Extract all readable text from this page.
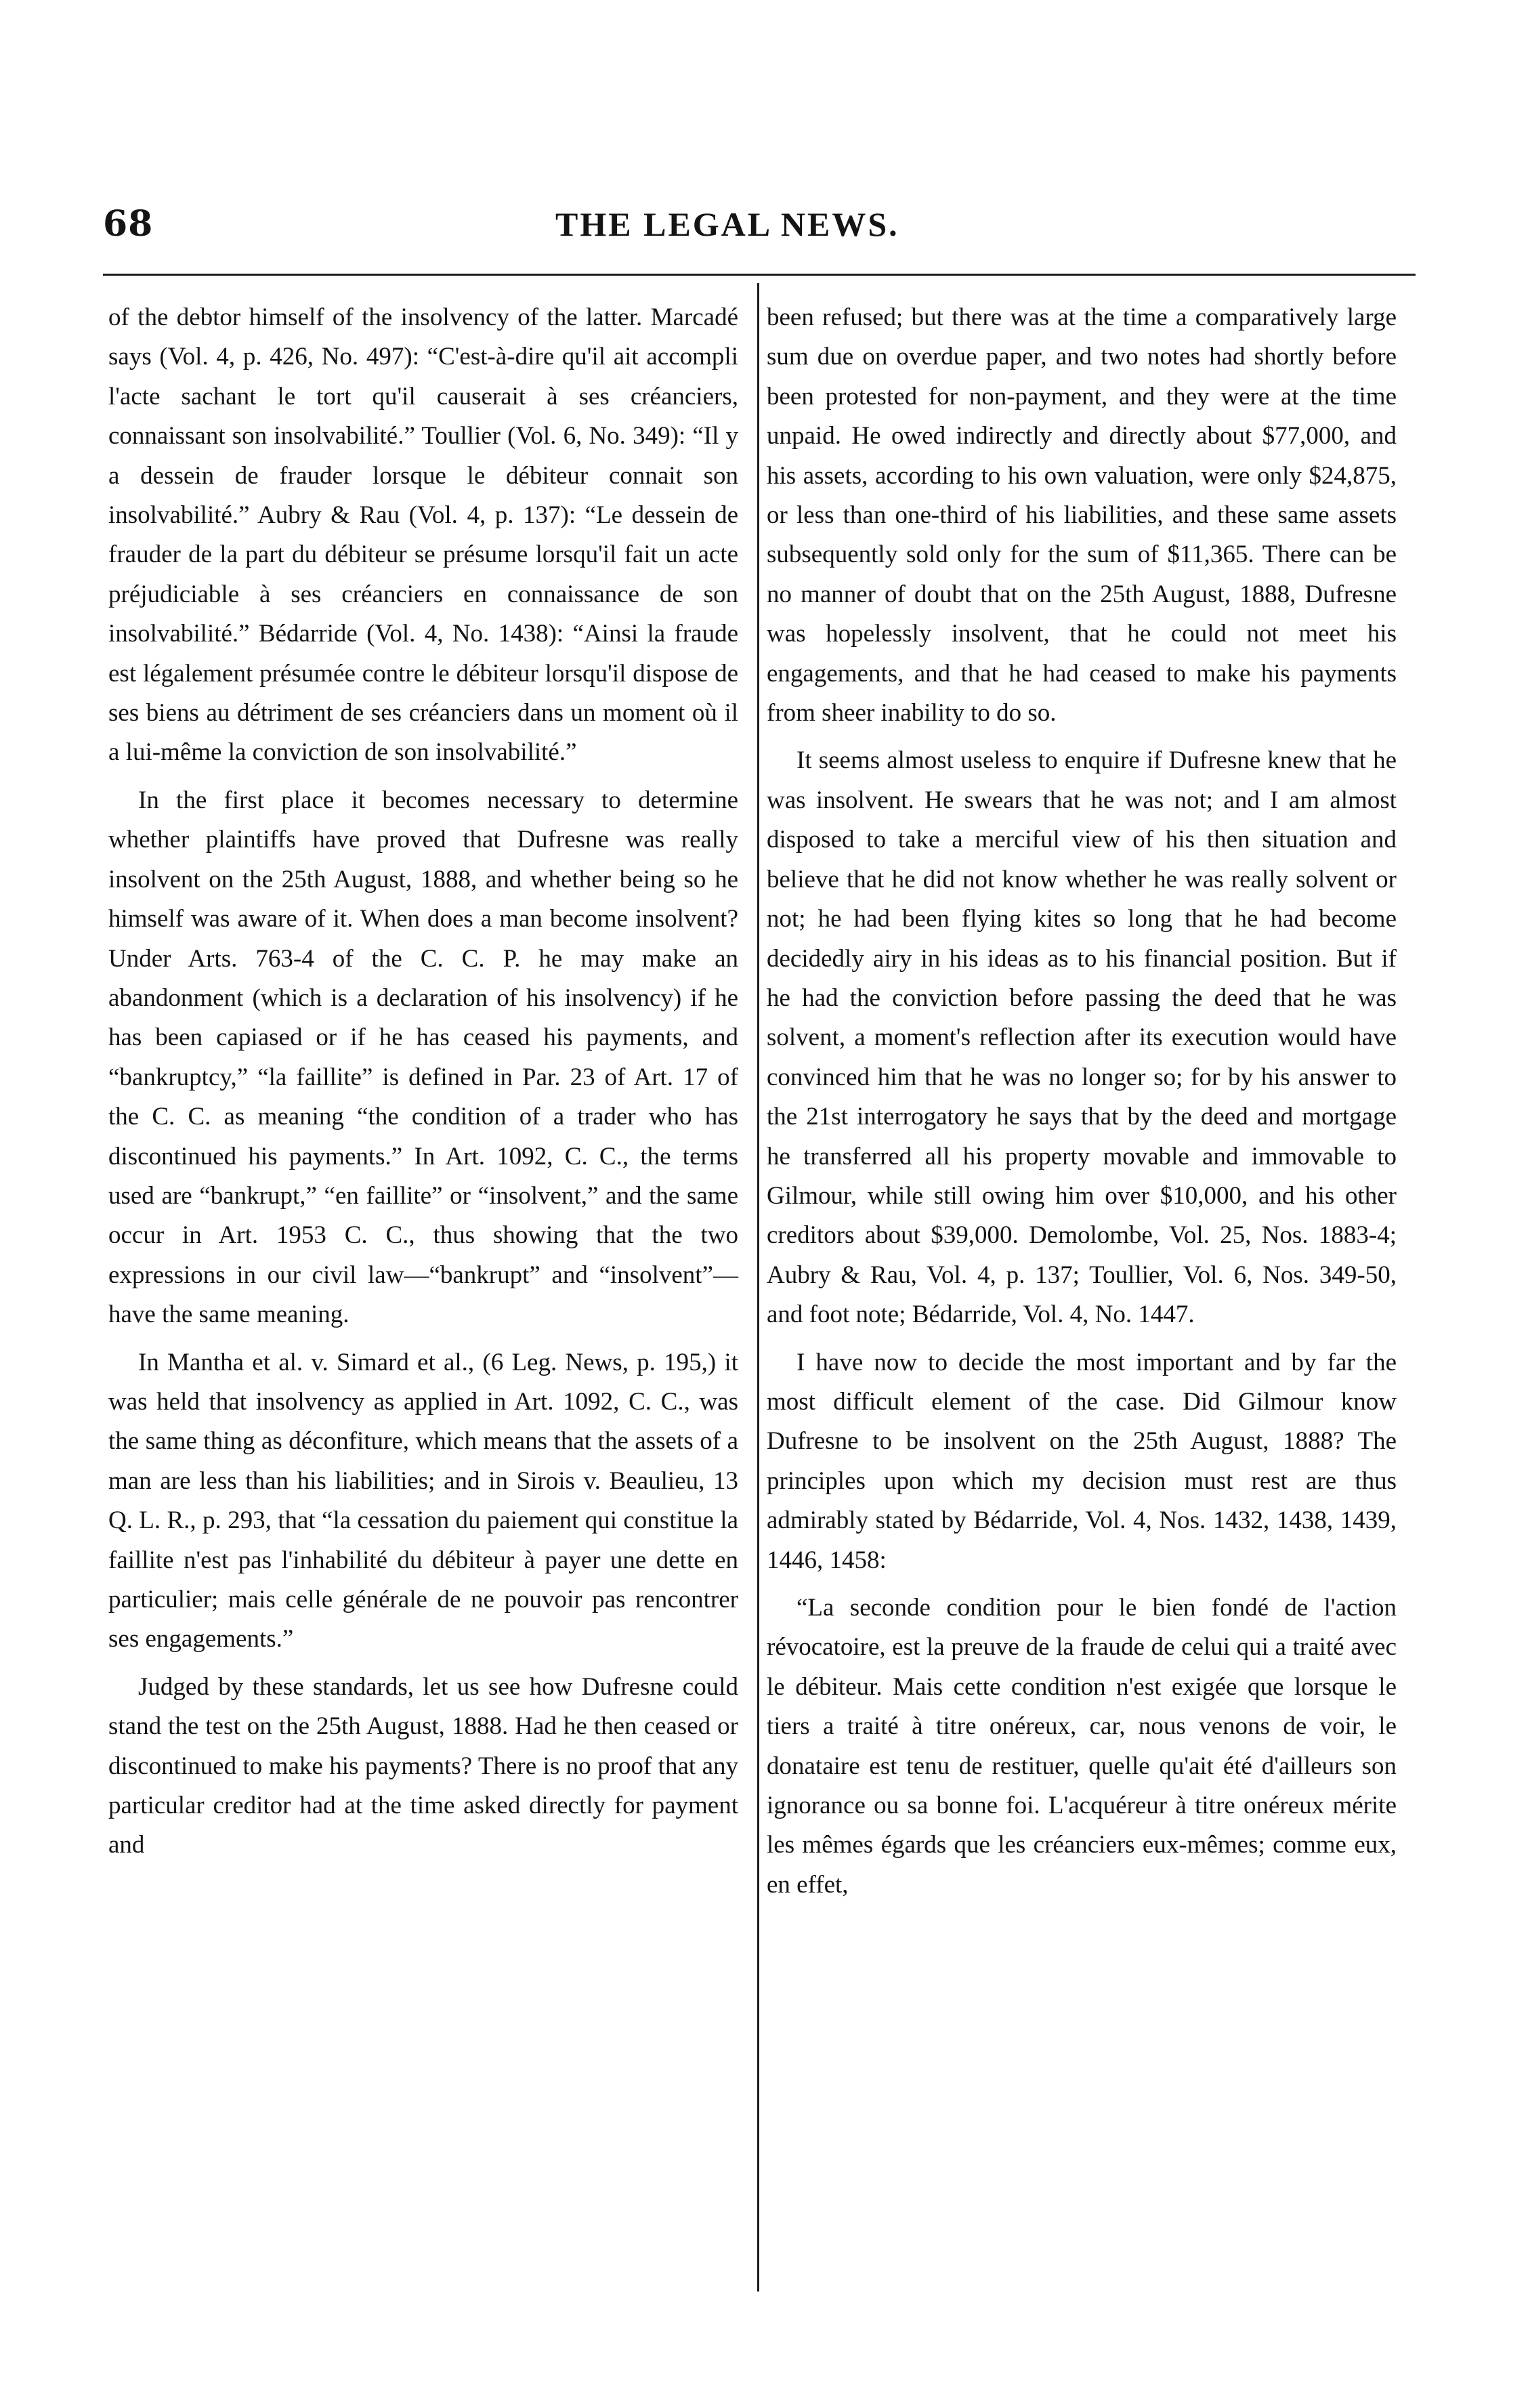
68	THE LEGAL NEWS.

of the debtor himself of the insolvency of the latter. Marcadé says (Vol. 4, p. 426, No. 497): “C'est-à-dire qu'il ait accompli l'acte sachant le tort qu'il causerait à ses créanciers, connaissant son insolvabilité.” Toullier (Vol. 6, No. 349): “Il y a dessein de frauder lorsque le débiteur connait son insolvabilité.” Aubry & Rau (Vol. 4, p. 137): “Le dessein de frauder de la part du débiteur se présume lorsqu'il fait un acte préjudiciable à ses créanciers en connaissance de son insolvabilité.” Bédarride (Vol. 4, No. 1438): “Ainsi la fraude est légalement présumée contre le débiteur lorsqu'il dispose de ses biens au détriment de ses créanciers dans un moment où il a lui-même la conviction de son insolvabilité.”

In the first place it becomes necessary to determine whether plaintiffs have proved that Dufresne was really insolvent on the 25th August, 1888, and whether being so he himself was aware of it. When does a man become insolvent? Under Arts. 763-4 of the C. C. P. he may make an abandonment (which is a declaration of his insolvency) if he has been capiased or if he has ceased his payments, and “bankruptcy,” “la faillite” is defined in Par. 23 of Art. 17 of the C. C. as meaning “the condition of a trader who has discontinued his payments.” In Art. 1092, C. C., the terms used are “bankrupt,” “en faillite” or “insolvent,” and the same occur in Art. 1953 C. C., thus showing that the two expressions in our civil law—“bankrupt” and “insolvent”—have the same meaning.

In Mantha et al. v. Simard et al., (6 Leg. News, p. 195,) it was held that insolvency as applied in Art. 1092, C. C., was the same thing as déconfiture, which means that the assets of a man are less than his liabilities; and in Sirois v. Beaulieu, 13 Q. L. R., p. 293, that “la cessation du paiement qui constitue la faillite n'est pas l'inhabilité du débiteur à payer une dette en particulier; mais celle générale de ne pouvoir pas rencontrer ses engagements.”

Judged by these standards, let us see how Dufresne could stand the test on the 25th August, 1888. Had he then ceased or discontinued to make his payments? There is no proof that any particular creditor had at the time asked directly for payment and

been refused; but there was at the time a comparatively large sum due on overdue paper, and two notes had shortly before been protested for non-payment, and they were at the time unpaid. He owed indirectly and directly about $77,000, and his assets, according to his own valuation, were only $24,875, or less than one-third of his liabilities, and these same assets subsequently sold only for the sum of $11,365. There can be no manner of doubt that on the 25th August, 1888, Dufresne was hopelessly insolvent, that he could not meet his engagements, and that he had ceased to make his payments from sheer inability to do so.

It seems almost useless to enquire if Dufresne knew that he was insolvent. He swears that he was not; and I am almost disposed to take a merciful view of his then situation and believe that he did not know whether he was really solvent or not; he had been flying kites so long that he had become decidedly airy in his ideas as to his financial position. But if he had the conviction before passing the deed that he was solvent, a moment's reflection after its execution would have convinced him that he was no longer so; for by his answer to the 21st interrogatory he says that by the deed and mortgage he transferred all his property movable and immovable to Gilmour, while still owing him over $10,000, and his other creditors about $39,000. Demolombe, Vol. 25, Nos. 1883-4; Aubry & Rau, Vol. 4, p. 137; Toullier, Vol. 6, Nos. 349-50, and foot note; Bédarride, Vol. 4, No. 1447.

I have now to decide the most important and by far the most difficult element of the case. Did Gilmour know Dufresne to be insolvent on the 25th August, 1888? The principles upon which my decision must rest are thus admirably stated by Bédarride, Vol. 4, Nos. 1432, 1438, 1439, 1446, 1458:

“La seconde condition pour le bien fondé de l'action révocatoire, est la preuve de la fraude de celui qui a traité avec le débiteur. Mais cette condition n'est exigée que lorsque le tiers a traité à titre onéreux, car, nous venons de voir, le donataire est tenu de restituer, quelle qu'ait été d'ailleurs son ignorance ou sa bonne foi. L'acquéreur à titre onéreux mérite les mêmes égards que les créanciers eux-mêmes; comme eux, en effet,
